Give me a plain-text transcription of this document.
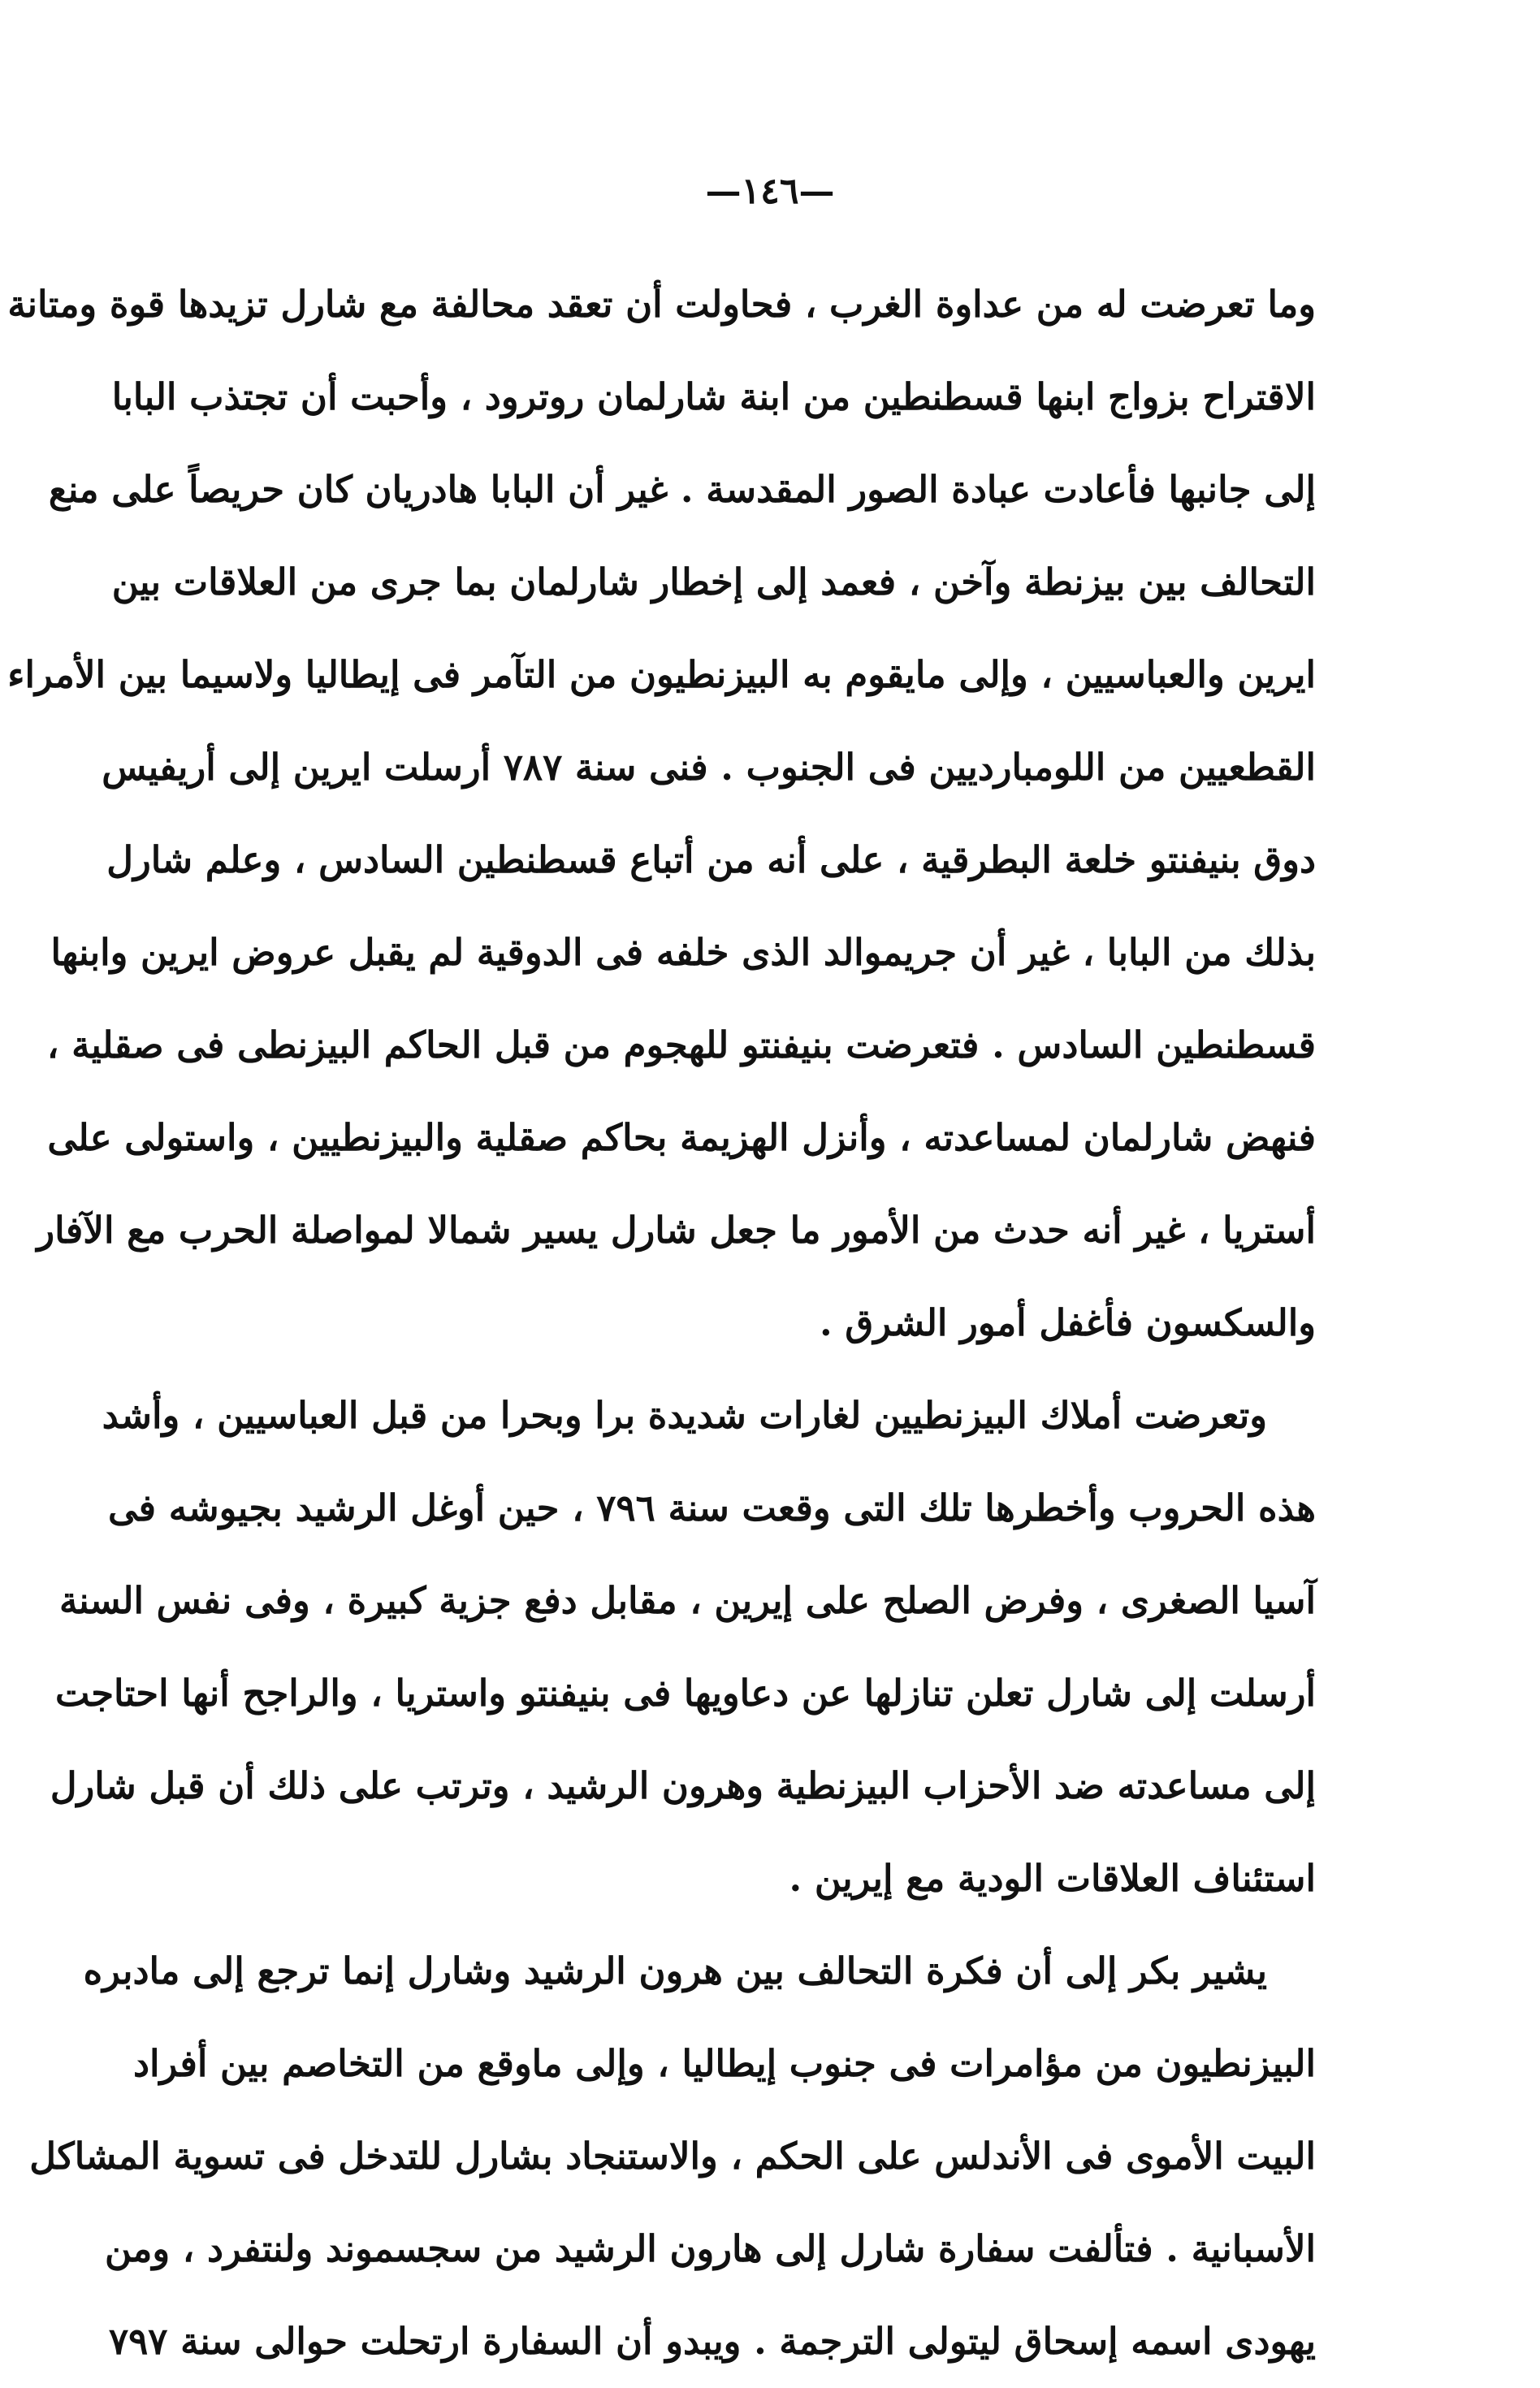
—١٤٦—
وما تعرضت له من عداوة الغرب ، فحاولت أن تعقد محالفة مع شارل تزيدها قوة ومتانة
الاقتراح بزواج ابنها قسطنطين من ابنة شارلمان روترود ، وأحبت أن تجتذب البابا
إلى جانبها فأعادت عبادة الصور المقدسة . غير أن البابا هادريان كان حريصاً على منع
التحالف بين بيزنطة وآخن ، فعمد إلى إخطار شارلمان بما جرى من العلاقات بين
ايرين والعباسيين ، وإلى مايقوم به البيزنطيون من التآمر فى إيطاليا ولاسيما بين الأمراء
القطعيين من اللومبارديين فى الجنوب . فنى سنة ٧٨٧ أرسلت ايرين إلى أريفيس
دوق بنيفنتو خلعة البطرقية ، على أنه من أتباع قسطنطين السادس ، وعلم شارل
بذلك من البابا ، غير أن جريموالد الذى خلفه فى الدوقية لم يقبل عروض ايرين وابنها
قسطنطين السادس . فتعرضت بنيفنتو للهجوم من قبل الحاكم البيزنطى فى صقلية ،
فنهض شارلمان لمساعدته ، وأنزل الهزيمة بحاكم صقلية والبيزنطيين ، واستولى على
أستريا ، غير أنه حدث من الأمور ما جعل شارل يسير شمالا لمواصلة الحرب مع الآفار
والسكسون فأغفل أمور الشرق .
وتعرضت أملاك البيزنطيين لغارات شديدة برا وبحرا من قبل العباسيين ، وأشد
هذه الحروب وأخطرها تلك التى وقعت سنة ٧٩٦ ، حين أوغل الرشيد بجيوشه فى
آسيا الصغرى ، وفرض الصلح على إيرين ، مقابل دفع جزية كبيرة ، وفى نفس السنة
أرسلت إلى شارل تعلن تنازلها عن دعاويها فى بنيفنتو واستريا ، والراجح أنها احتاجت
إلى مساعدته ضد الأحزاب البيزنطية وهرون الرشيد ، وترتب على ذلك أن قبل شارل
استئناف العلاقات الودية مع إيرين .
يشير بكر إلى أن فكرة التحالف بين هرون الرشيد وشارل إنما ترجع إلى مادبره
البيزنطيون من مؤامرات فى جنوب إيطاليا ، وإلى ماوقع من التخاصم بين أفراد
البيت الأموى فى الأندلس على الحكم ، والاستنجاد بشارل للتدخل فى تسوية المشاكل
الأسبانية . فتألفت سفارة شارل إلى هارون الرشيد من سجسموند ولنتفرد ، ومن
يهودى اسمه إسحاق ليتولى الترجمة . ويبدو أن السفارة ارتحلت حوالى سنة ٧٩٧
